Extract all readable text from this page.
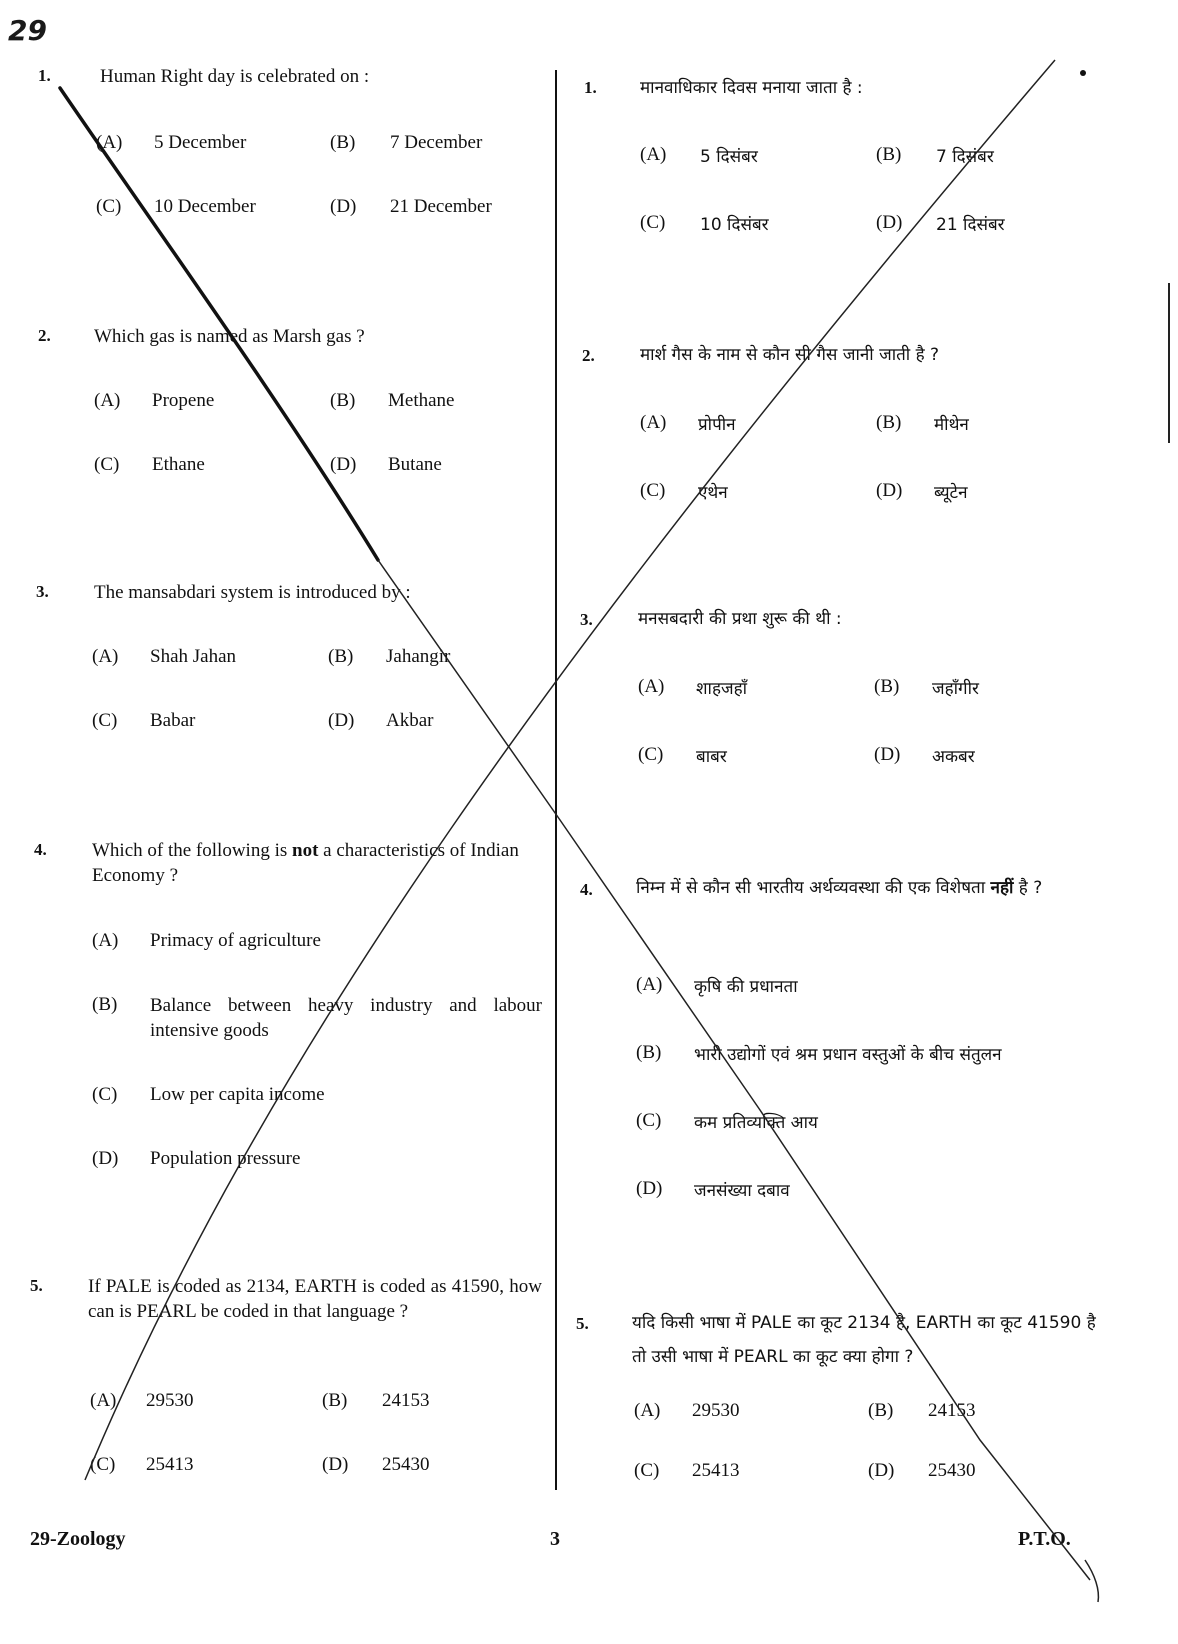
29
1.	Human Right day is celebrated on :
(A) 5 December	(B) 7 December
(C) 10 December	(D) 21 December
2. Which gas is named as Marsh gas ?
(A) Propene	(B) Methane
(C) Ethane	(D) Butane
3. The mansabdari system is introduced by :
(A) Shah Jahan	(B) Jahangir
(C) Babar	(D) Akbar
4. Which of the following is not a characteristics of Indian Economy ?
(A) Primacy of agriculture
(B) Balance between heavy industry and labour intensive goods
(C) Low per capita income
(D) Population pressure
5. If PALE is coded as 2134, EARTH is coded as 41590, how can is PEARL be coded in that language ?
(A) 29530	(B) 24153
(C) 25413	(D) 25430
1.	मानवाधिकार दिवस मनाया जाता है :
(A) 5 दिसंबर	(B) 7 दिसंबर
(C) 10 दिसंबर	(D) 21 दिसंबर
2.	मार्श गैस के नाम से कौन सी गैस जानी जाती है ?
(A) प्रोपीन	(B) मीथेन
(C) एथेन	(D) ब्यूटेन
3.	मनसबदारी की प्रथा शुरू की थी :
(A) शाहजहाँ	(B) जहाँगीर
(C) बाबर	(D) अकबर
4.	निम्न में से कौन सी भारतीय अर्थव्यवस्था की एक विशेषता नहीं है ?
(A) कृषि की प्रधानता
(B) भारी उद्योगों एवं श्रम प्रधान वस्तुओं के बीच संतुलन
(C) कम प्रतिव्यक्ति आय
(D) जनसंख्या दबाव
5.	यदि किसी भाषा में PALE का कूट 2134 है, EARTH का कूट 41590 है तो उसी भाषा में PEARL का कूट क्या होगा ?
(A) 29530	(B) 24153
(C) 25413	(D) 25430
29-Zoology	3	P.T.O.
